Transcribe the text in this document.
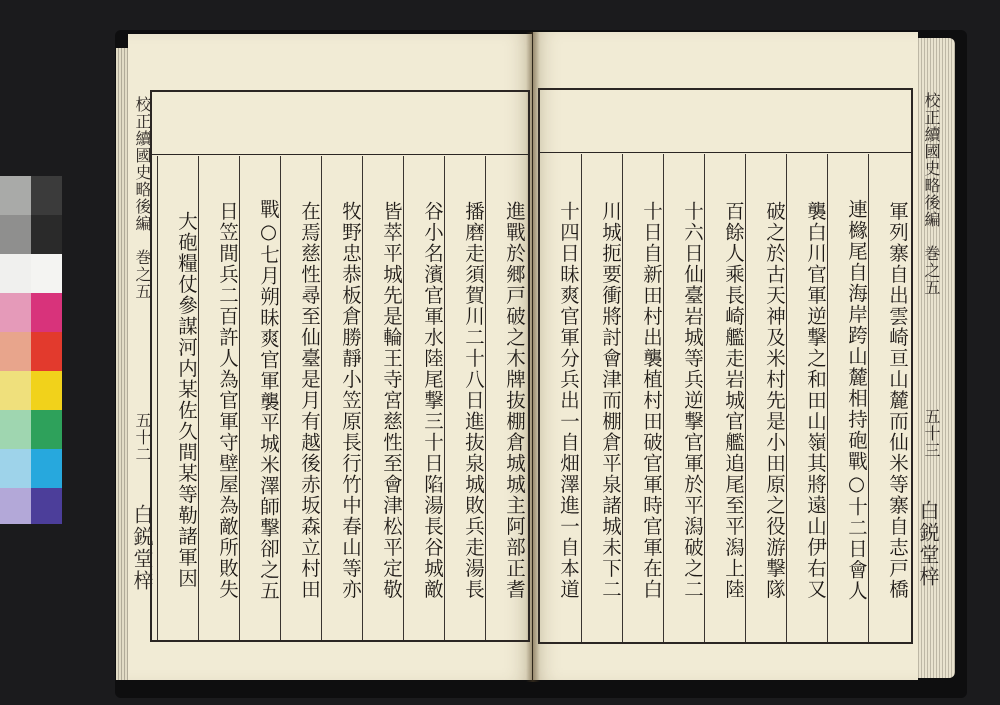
校正續國史略後編　巻之五
五十二
白鋭堂梓	進戰於郷戸破之木牌抜棚倉城城主阿部正耆
播磨走須賀川二十八日進抜泉城敗兵走湯長
谷小名濱官軍水陸尾撃三十日陷湯長谷城敵
皆萃平城先是輪王寺宮慈性至會津松平定敬
牧野忠恭板倉勝靜小笠原長行竹中春山等亦
在焉慈性尋至仙臺是月有越後赤坂森立村田
戰○七月朔昧爽官軍襲平城米澤師撃卻之五
日笠間兵二百許人為官軍守壁屋為敵所敗失
大砲糧仗參謀河内某佐久間某等勒諸軍因	軍列寨自出雲崎亘山麓而仙米等寨自志戸橋
連櫞尾自海岸跨山麓相持砲戰○十二日會人
襲白川官軍逆撃之和田山嶺其將遠山伊右又
破之於古天神及米村先是小田原之役游撃隊
百餘人乘長崎艦走岩城官艦追尾至平潟上陸
十六日仙臺岩城等兵逆撃官軍於平潟破之二
十日自新田村出襲植村田破官軍時官軍在白
川城扼要衝將討會津而棚倉平泉諸城未下二
十四日昧爽官軍分兵出一自畑澤進一自本道
校正續國史略後編　巻之五
五十三
白鋭堂梓
